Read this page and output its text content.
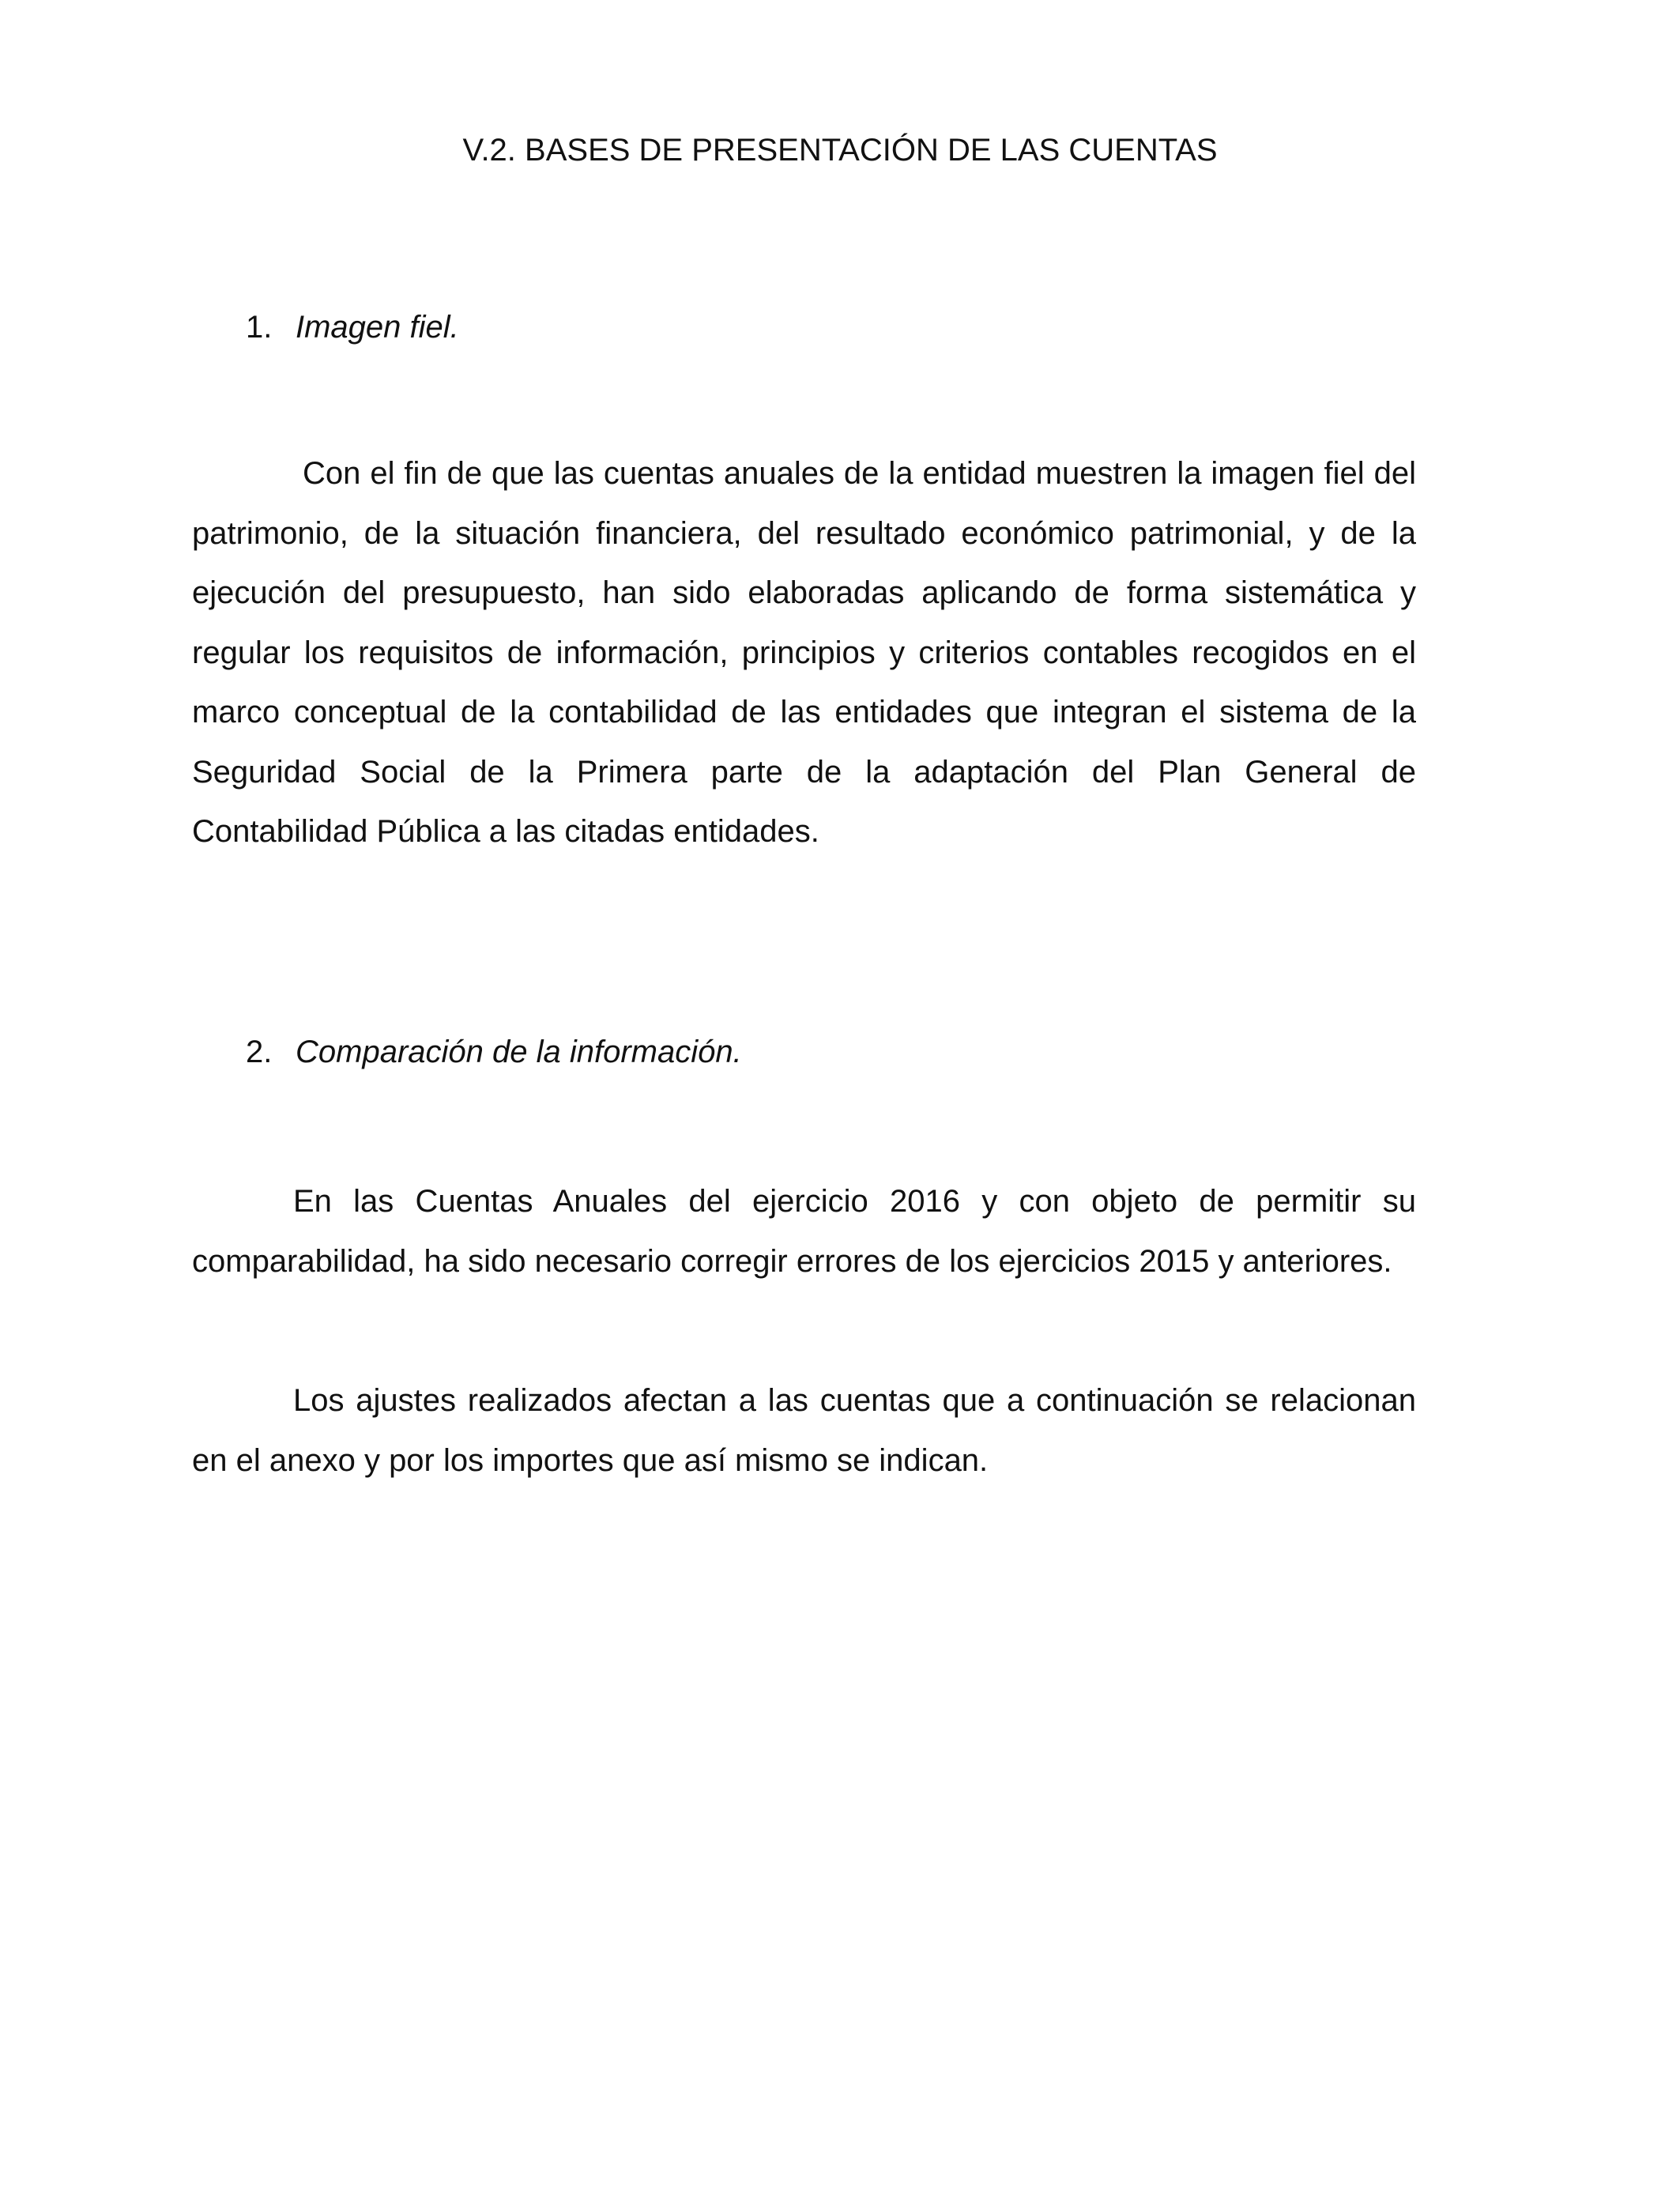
V.2. BASES DE PRESENTACIÓN DE LAS CUENTAS
1. Imagen fiel.

Con el fin de que las cuentas anuales de la entidad muestren la imagen fiel del patrimonio, de la situación financiera, del resultado económico patrimonial, y de la ejecución del presupuesto, han sido elaboradas aplicando de forma sistemática y regular los requisitos de información, principios y criterios contables recogidos en el marco conceptual de la contabilidad de las entidades que integran el sistema de la Seguridad Social de la Primera parte de la adaptación del Plan General de Contabilidad Pública a las citadas entidades.

2. Comparación de la información.

En las Cuentas Anuales del ejercicio 2016 y con objeto de permitir su comparabilidad, ha sido necesario corregir errores de los ejercicios 2015 y anteriores.

Los ajustes realizados afectan a las cuentas que a continuación se relacionan en el anexo y por los importes que así mismo se indican.
